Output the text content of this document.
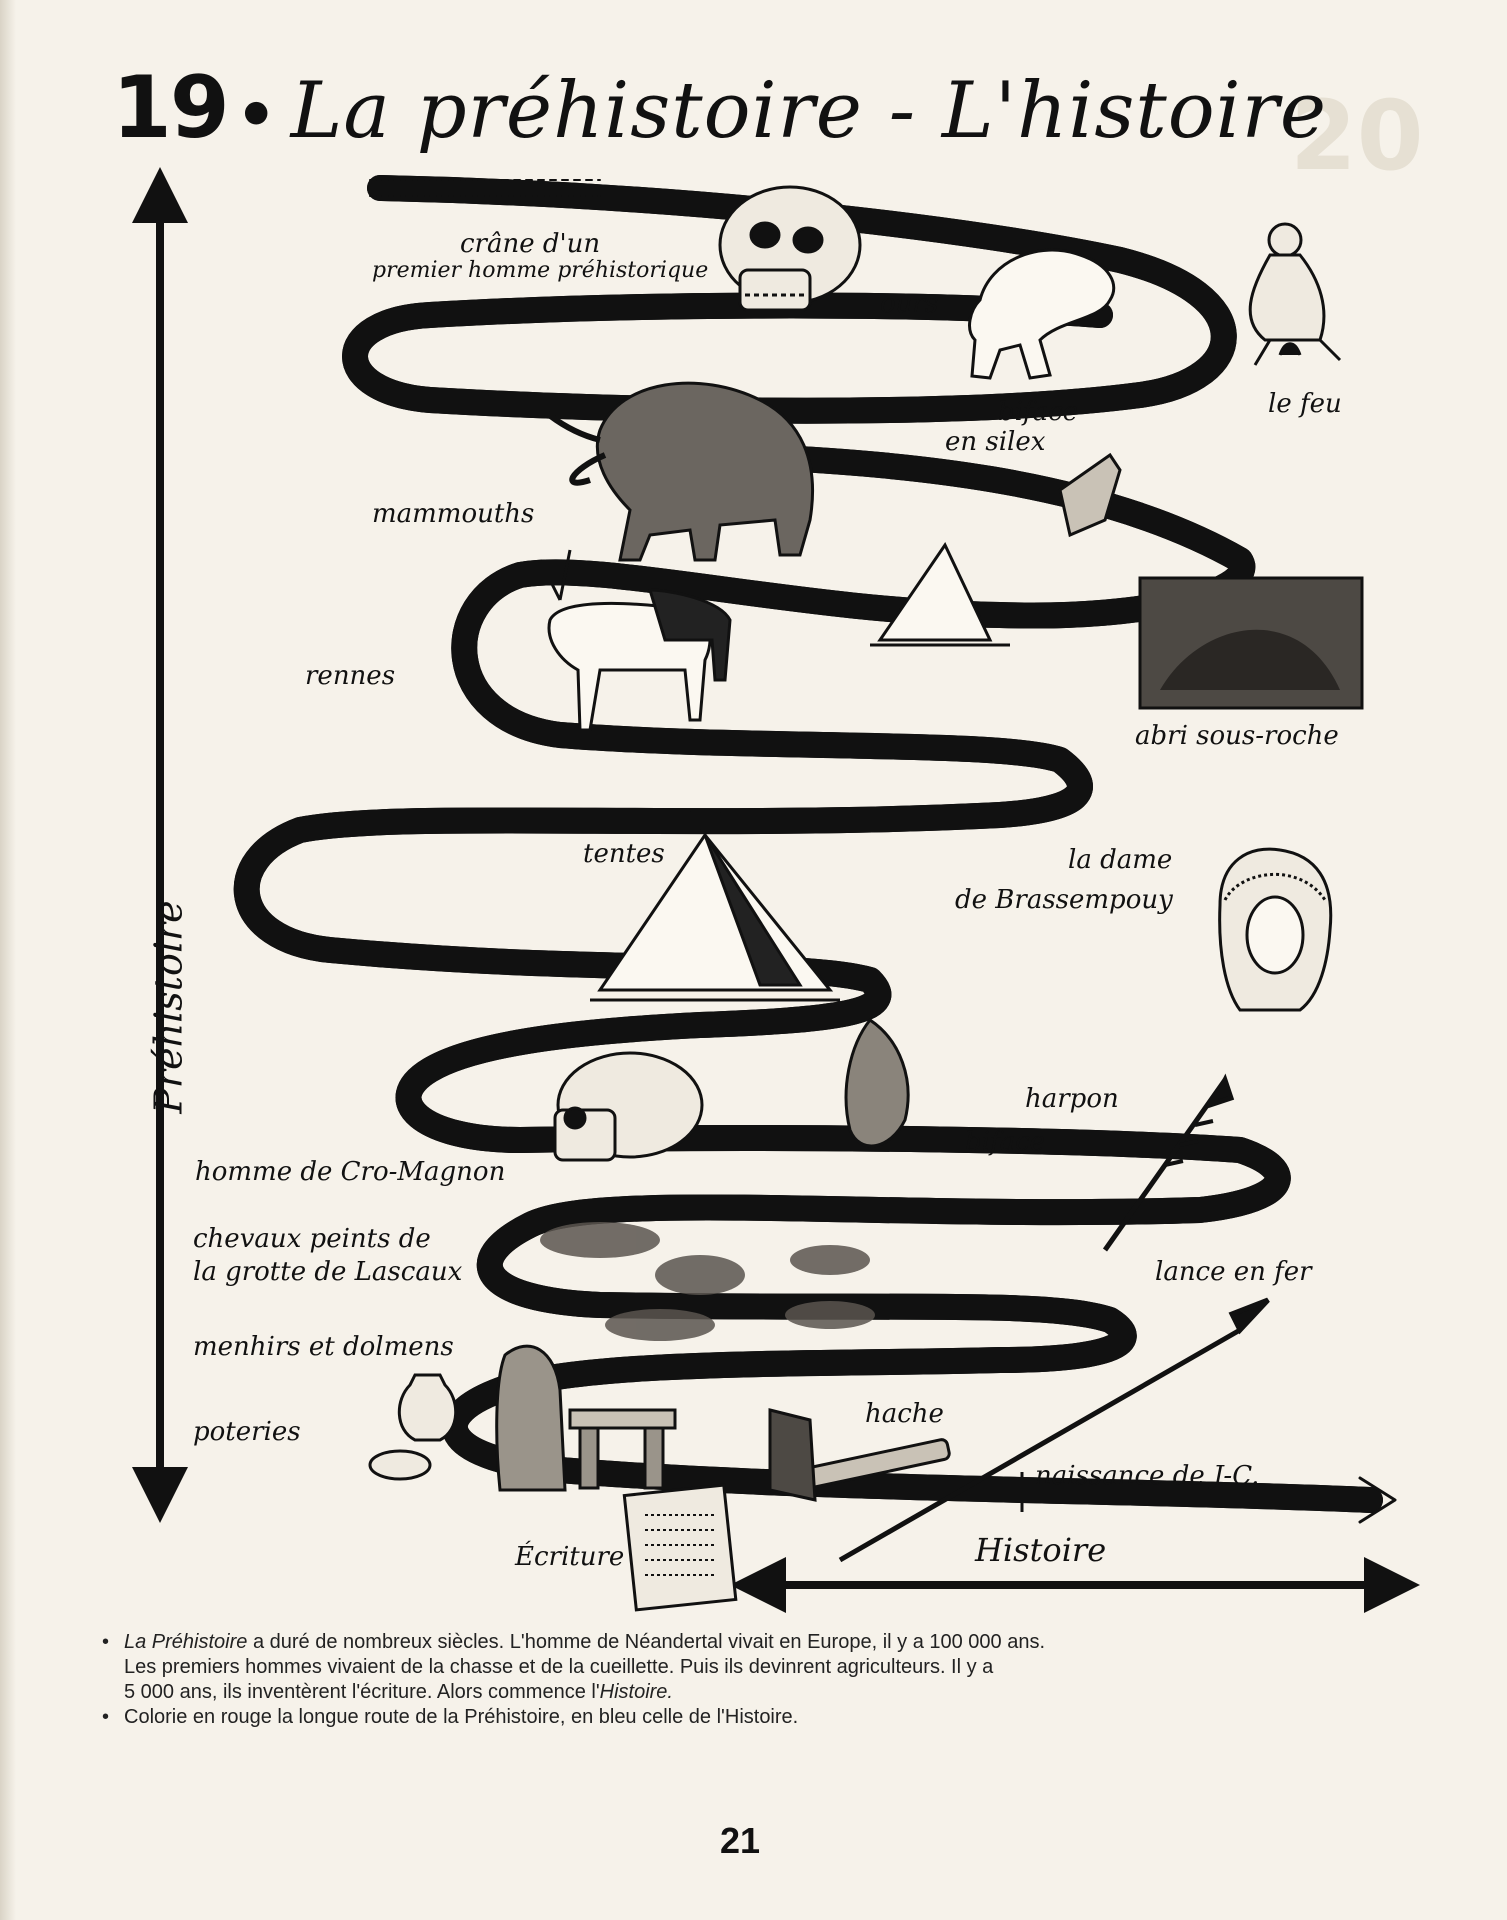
20
19 • La préhistoire - L'histoire
crâne d'un
premier homme préhistorique
ours
le feu
biface
en silex
mammouths
rennes
abri sous-roche
tentes	la dame
de Brassempouy
harpon
biface
homme de Cro-Magnon
chevaux peints de
la grotte de Lascaux	lance en fer
menhirs et dolmens
poteries
hache
naissance de J-C.
Écriture	Histoire
Préhistoire
• La Préhistoire a duré de nombreux siècles. L'homme de Néandertal vivait en Europe, il y a 100 000 ans.
Les premiers hommes vivaient de la chasse et de la cueillette. Puis ils devinrent agriculteurs. Il y a
5 000 ans, ils inventèrent l'écriture. Alors commence l'Histoire.
• Colorie en rouge la longue route de la Préhistoire, en bleu celle de l'Histoire.
21
